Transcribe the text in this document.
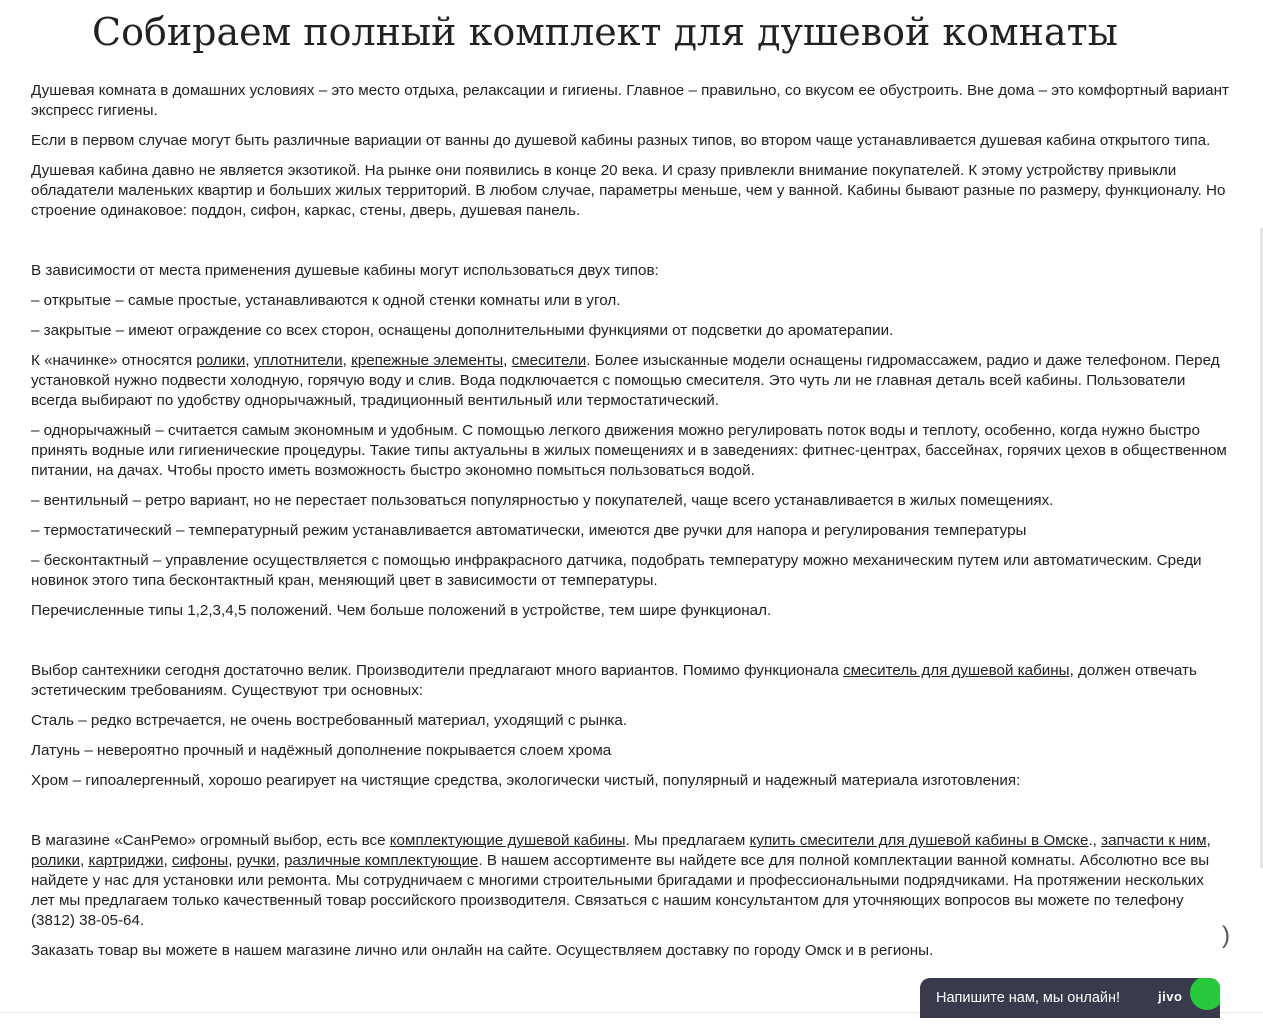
Собираем полный комплект для душевой комнаты

Душевая комната в домашних условиях – это место отдыха, релаксации и гигиены. Главное – правильно, со вкусом ее обустроить. Вне дома – это комфортный вариант экспресс гигиены.

Если в первом случае могут быть различные вариации от ванны до душевой кабины разных типов, во втором чаще устанавливается душевая кабина открытого типа.

Душевая кабина давно не является экзотикой. На рынке они появились в конце 20 века. И сразу привлекли внимание покупателей. К этому устройству привыкли обладатели маленьких квартир и больших жилых территорий. В любом случае, параметры меньше, чем у ванной. Кабины бывают разные по размеру, функционалу. Но строение одинаковое: поддон, сифон, каркас, стены, дверь, душевая панель.

В зависимости от места применения душевые кабины могут использоваться двух типов:

– открытые – самые простые, устанавливаются к одной стенки комнаты или в угол.

– закрытые – имеют ограждение со всех сторон, оснащены дополнительными функциями от подсветки до ароматерапии.

К «начинке» относятся ролики, уплотнители, крепежные элементы, смесители. Более изысканные модели оснащены гидромассажем, радио и даже телефоном. Перед установкой нужно подвести холодную, горячую воду и слив. Вода подключается с помощью смесителя. Это чуть ли не главная деталь всей кабины. Пользователи всегда выбирают по удобству однорычажный, традиционный вентильный или термостатический.

– однорычажный – считается самым экономным и удобным. С помощью легкого движения можно регулировать поток воды и теплоту, особенно, когда нужно быстро принять водные или гигиенические процедуры. Такие типы актуальны в жилых помещениях и в заведениях: фитнес-центрах, бассейнах, горячих цехов в общественном питании, на дачах. Чтобы просто иметь возможность быстро экономно помыться пользоваться водой.

– вентильный – ретро вариант, но не перестает пользоваться популярностью у покупателей, чаще всего устанавливается в жилых помещениях.

– термостатический – температурный режим устанавливается автоматически, имеются две ручки для напора и регулирования температуры

– бесконтактный – управление осуществляется с помощью инфракрасного датчика, подобрать температуру можно механическим путем или автоматическим. Среди новинок этого типа бесконтактный кран, меняющий цвет в зависимости от температуры.

Перечисленные типы 1,2,3,4,5 положений. Чем больше положений в устройстве, тем шире функционал.

Выбор сантехники сегодня достаточно велик. Производители предлагают много вариантов. Помимо функционала смеситель для душевой кабины, должен отвечать эстетическим требованиям. Существуют три основных:

Сталь – редко встречается, не очень востребованный материал, уходящий с рынка.

Латунь – невероятно прочный и надёжный дополнение покрывается слоем хрома

Хром – гипоалергенный, хорошо реагирует на чистящие средства, экологически чистый, популярный и надежный материала изготовления:

В магазине «СанРемо» огромный выбор, есть все комплектующие душевой кабины. Мы предлагаем купить смесители для душевой кабины в Омске., запчасти к ним, ролики, картриджи, сифоны, ручки, различные комплектующие. В нашем ассортименте вы найдете все для полной комплектации ванной комнаты. Абсолютно все вы найдете у нас для установки или ремонта. Мы сотрудничаем с многими строительными бригадами и профессиональными подрядчиками. На протяжении нескольких лет мы предлагаем только качественный товар российского производителя. Связаться с нашим консультантом для уточняющих вопросов вы можете по телефону (3812) 38-05-64.

Заказать товар вы можете в нашем магазине лично или онлайн на сайте. Осуществляем доставку по городу Омск и в регионы.

)
Напишите нам, мы онлайн!	jivo
